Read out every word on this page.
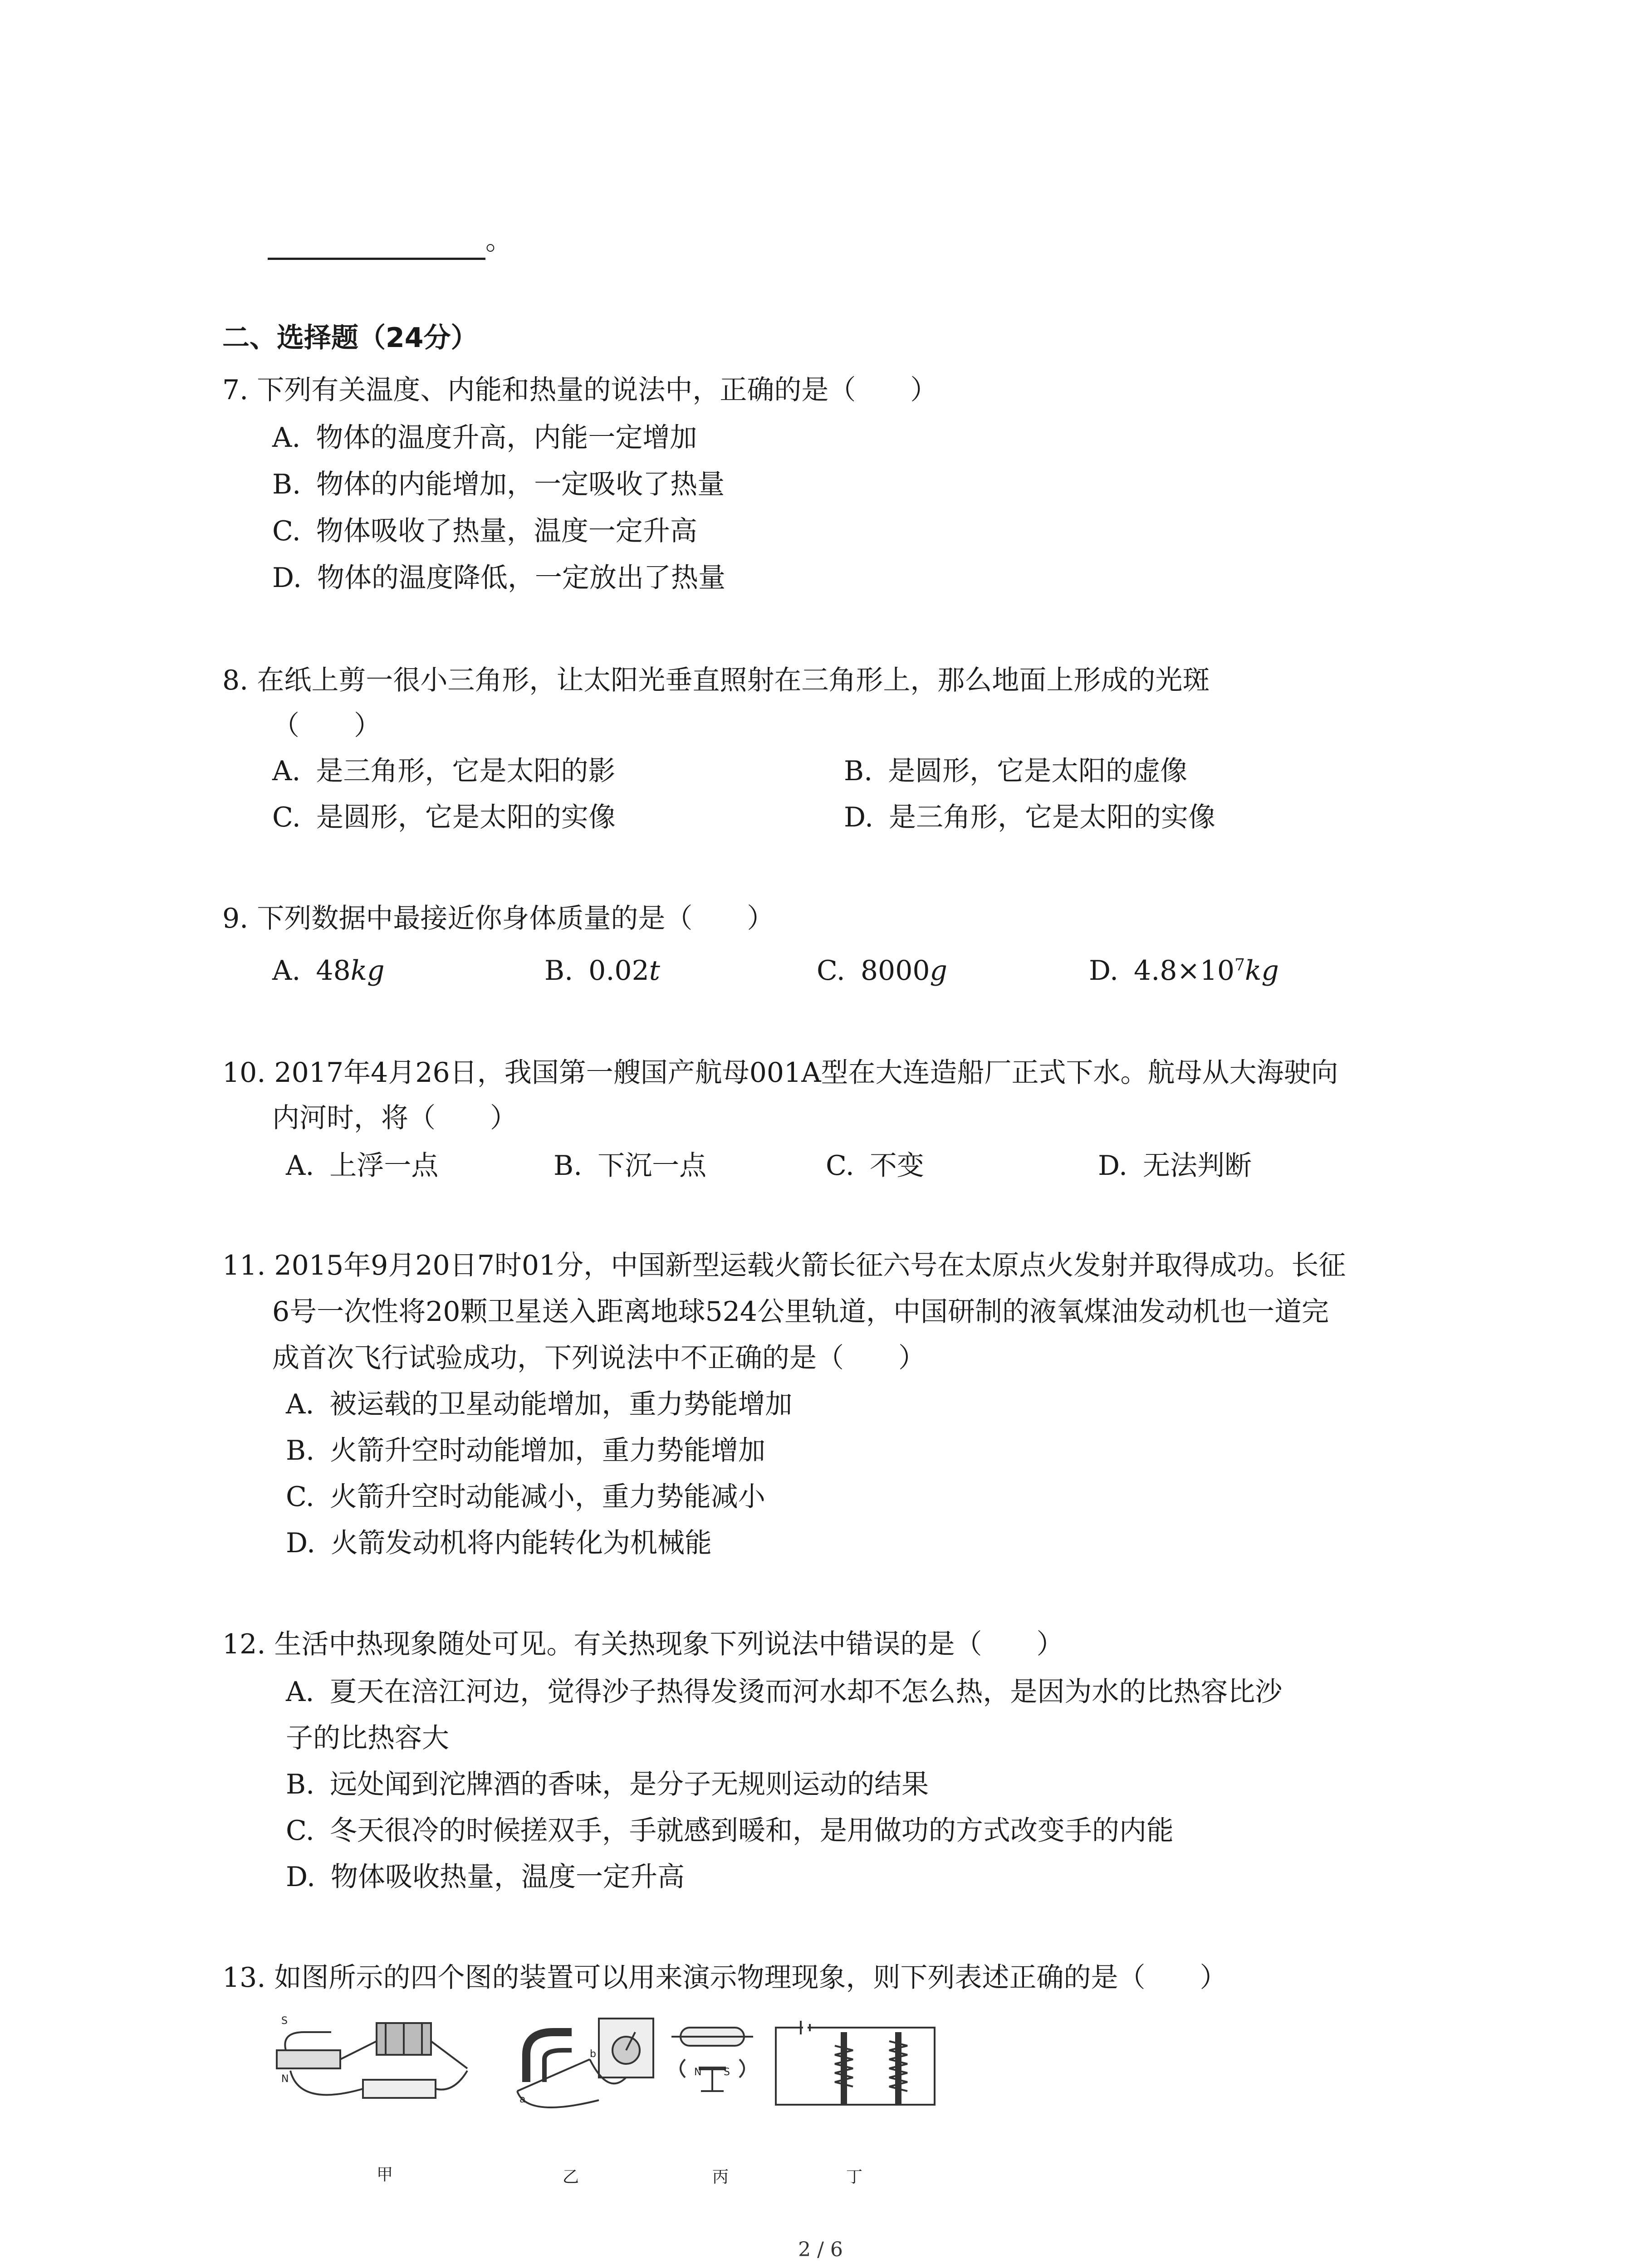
。
二、选择题（24分）
7. 下列有关温度、内能和热量的说法中，正确的是（　　）
A. 物体的温度升高，内能一定增加
B. 物体的内能增加，一定吸收了热量
C. 物体吸收了热量，温度一定升高
D. 物体的温度降低，一定放出了热量
8. 在纸上剪一很小三角形，让太阳光垂直照射在三角形上，那么地面上形成的光斑
（　　）
A. 是三角形，它是太阳的影	B. 是圆形，它是太阳的虚像
C. 是圆形，它是太阳的实像	D. 是三角形，它是太阳的实像
9. 下列数据中最接近你身体质量的是（　　）
A. 48kg	B. 0.02t	C. 8000g	D. $4.8\times 10^7kg$
10. 2017年4月26日，我国第一艘国产航母001A型在大连造船厂正式下水。航母从大海驶向
内河时，将（　　）
A. 上浮一点	B. 下沉一点	C. 不变	D. 无法判断
11. 2015年9月20日7时01分，中国新型运载火箭长征六号在太原点火发射并取得成功。长征
6号一次性将20颗卫星送入距离地球524公里轨道，中国研制的液氧煤油发动机也一道完
成首次飞行试验成功，下列说法中不正确的是（　　）
A. 被运载的卫星动能增加，重力势能增加
B. 火箭升空时动能增加，重力势能增加
C. 火箭升空时动能减小，重力势能减小
D. 火箭发动机将内能转化为机械能
12. 生活中热现象随处可见。有关热现象下列说法中错误的是（　　）
A. 夏天在涪江河边，觉得沙子热得发烫而河水却不怎么热，是因为水的比热容比沙
子的比热容大
B. 远处闻到沱牌酒的香味，是分子无规则运动的结果
C. 冬天很冷的时候搓双手，手就感到暖和，是用做功的方式改变手的内能
D. 物体吸收热量，温度一定升高
13. 如图所示的四个图的装置可以用来演示物理现象，则下列表述正确的是（　　）
S
N
a
b
N S
甲	乙	丙	丁
2 / 6
